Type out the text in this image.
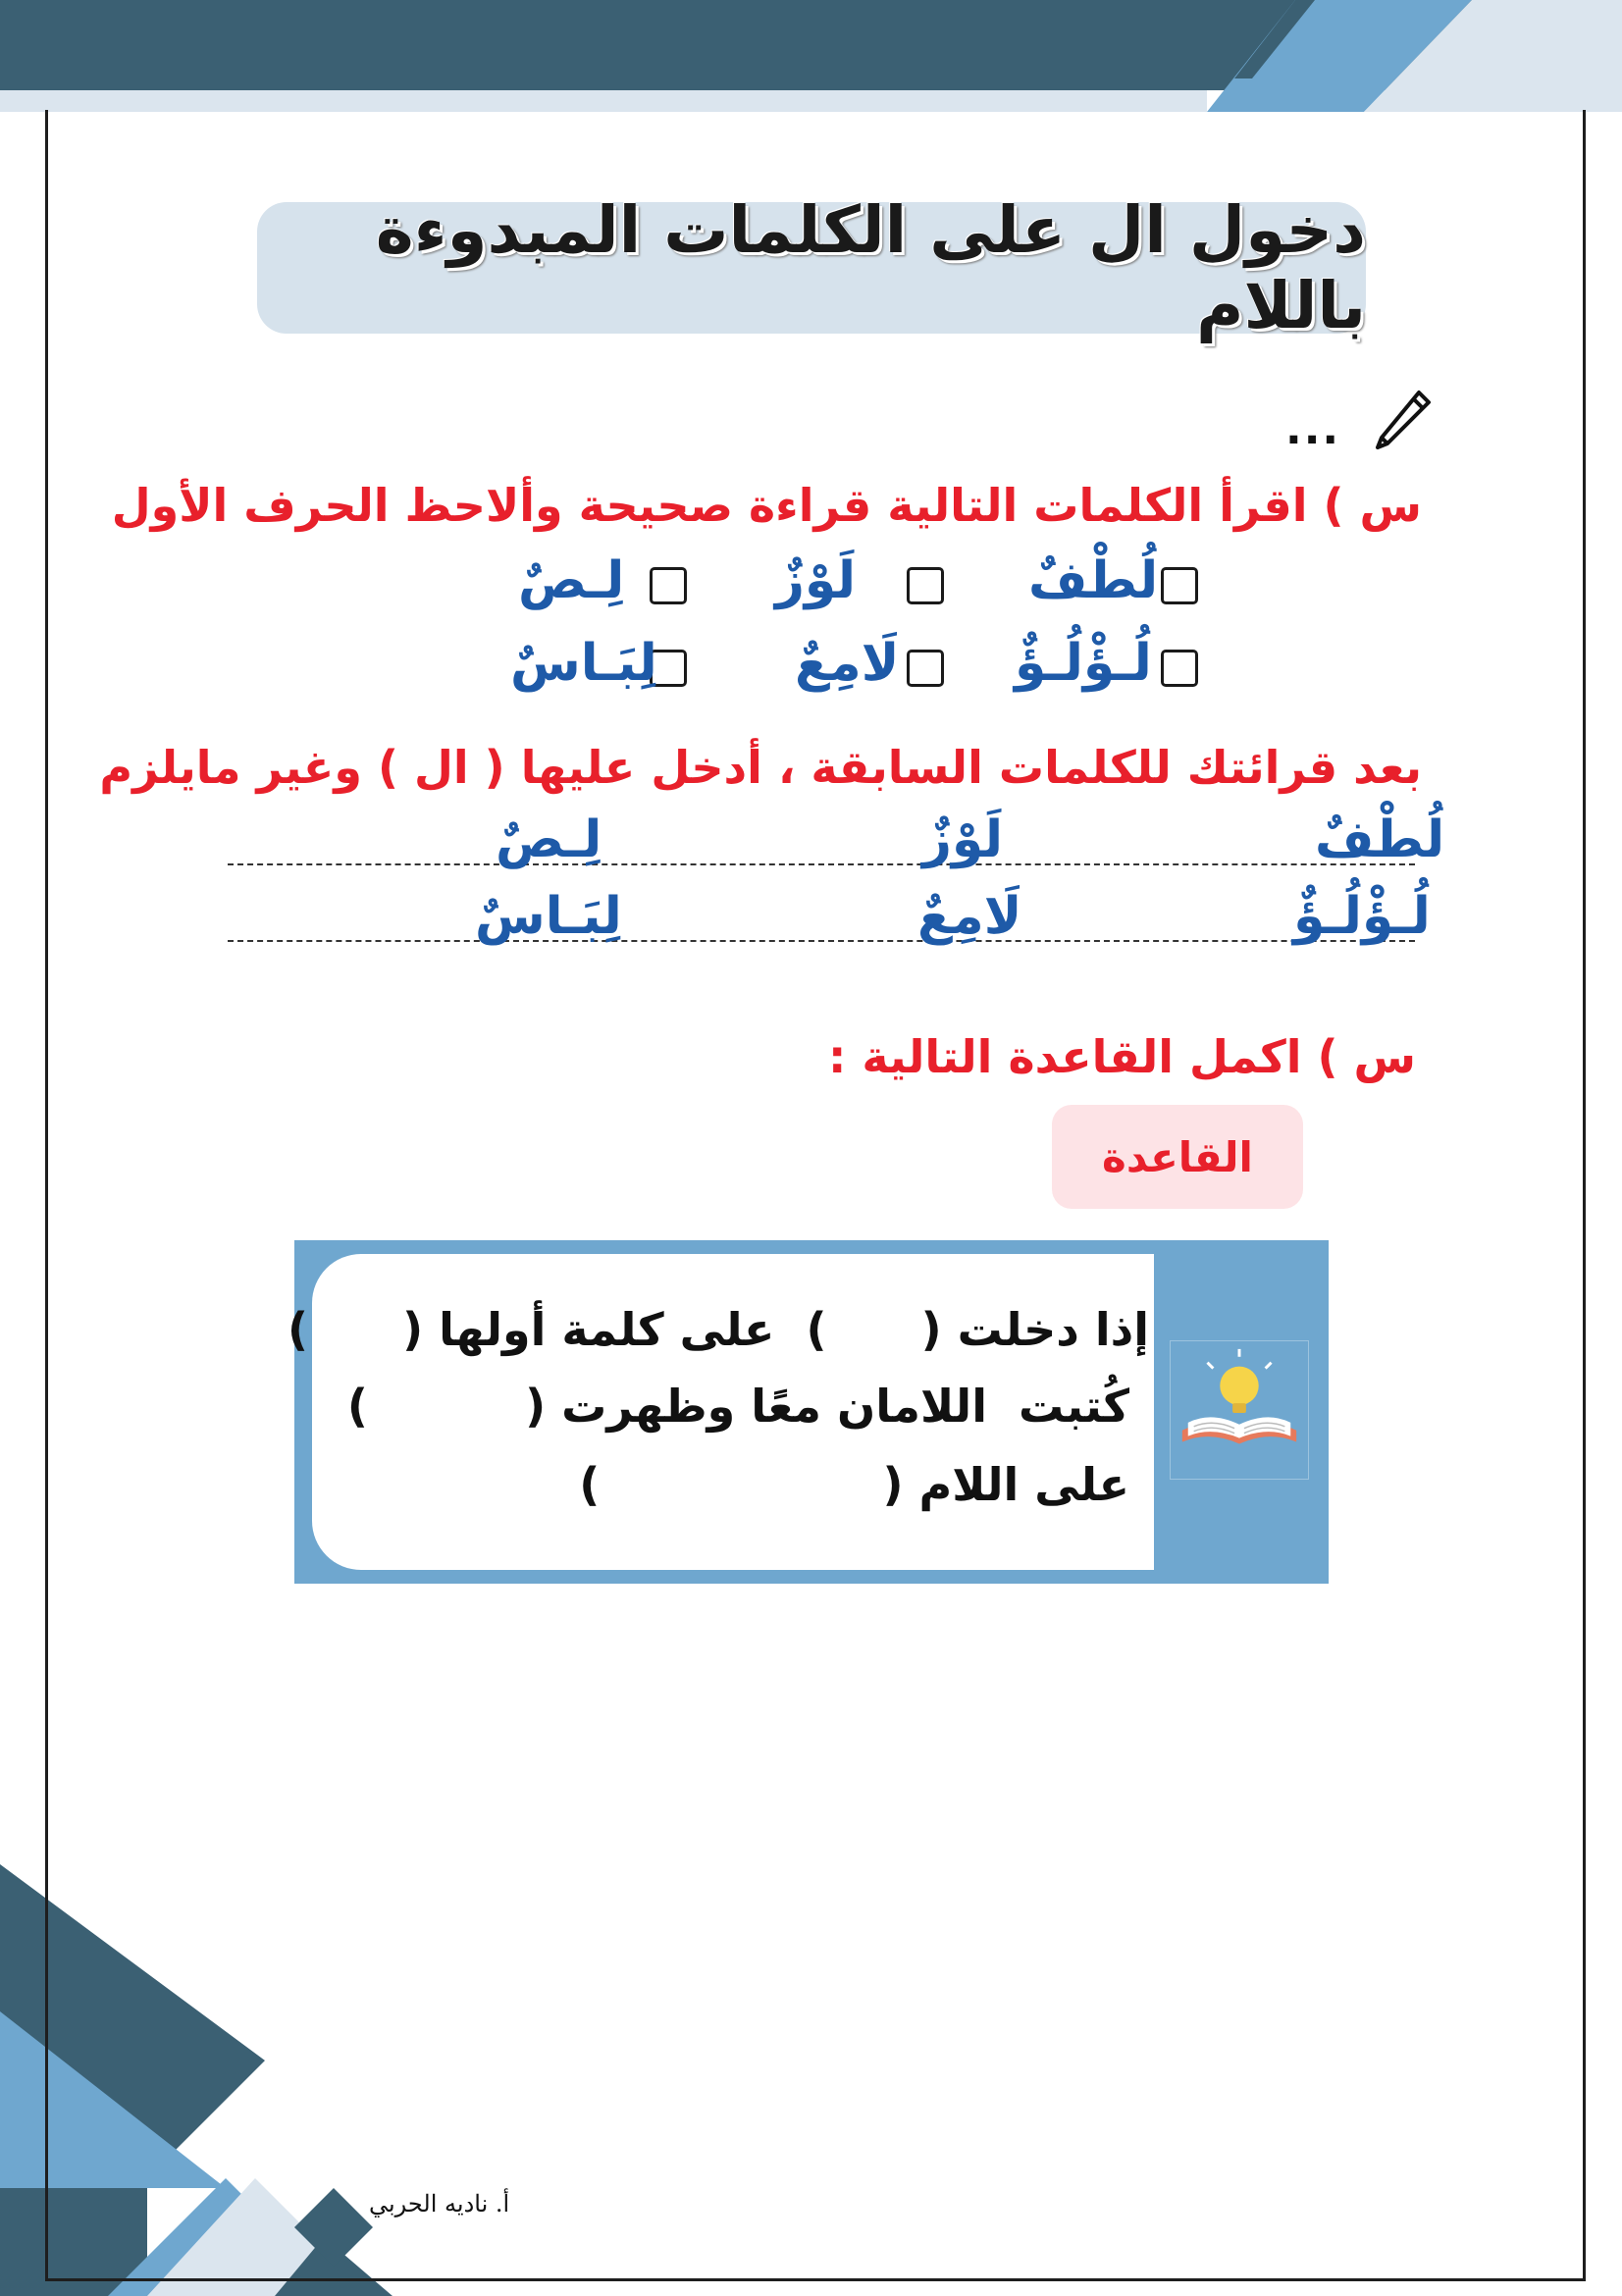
دخول ال على الكلمات المبدوءة باللام
...
س ) اقرأ الكلمات التالية قراءة صحيحة وألاحظ الحرف الأول
لُطْفٌ
لَوْزٌ
لِـصٌ
لُـؤْلُـؤٌ
لَامِعٌ
لِبَـاسٌ
بعد قرائتك للكلمات السابقة ، أدخل عليها ( ال ) وغير مايلزم
لُطْفٌ
لَوْزٌ
لِـصٌ
لُـؤْلُـؤٌ
لَامِعٌ
لِبَـاسٌ
س ) اكمل القاعدة التالية :
القاعدة
إذا دخلت (      )  على كلمة أولها (      )
كُتبت  اللامان معًا وظهرت (          )
على اللام (                  )
أ. ناديه الحربي
